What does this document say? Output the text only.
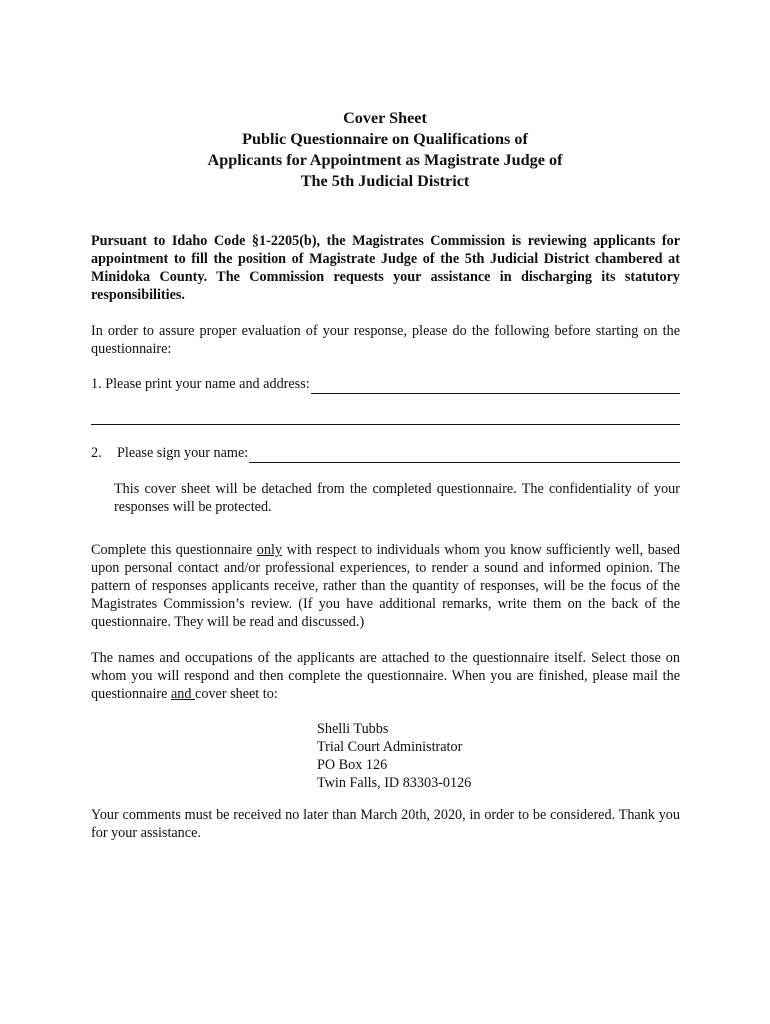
Cover Sheet
Public Questionnaire on Qualifications of
Applicants for Appointment as Magistrate Judge of
The 5th Judicial District
Pursuant to Idaho Code §1-2205(b), the Magistrates Commission is reviewing applicants for appointment to fill the position of Magistrate Judge of the 5th Judicial District chambered at Minidoka County. The Commission requests your assistance in discharging its statutory responsibilities.
In order to assure proper evaluation of your response, please do the following before starting on the questionnaire:
1. Please print your name and address:
2.	Please sign your name:
This cover sheet will be detached from the completed questionnaire. The confidentiality of your responses will be protected.
Complete this questionnaire only with respect to individuals whom you know sufficiently well, based upon personal contact and/or professional experiences, to render a sound and informed opinion. The pattern of responses applicants receive, rather than the quantity of responses, will be the focus of the Magistrates Commission’s review. (If you have additional remarks, write them on the back of the questionnaire. They will be read and discussed.)
The names and occupations of the applicants are attached to the questionnaire itself. Select those on whom you will respond and then complete the questionnaire. When you are finished, please mail the questionnaire and cover sheet to:
Shelli Tubbs
Trial Court Administrator
PO Box 126
Twin Falls, ID 83303-0126
Your comments must be received no later than March 20th, 2020, in order to be considered. Thank you for your assistance.
